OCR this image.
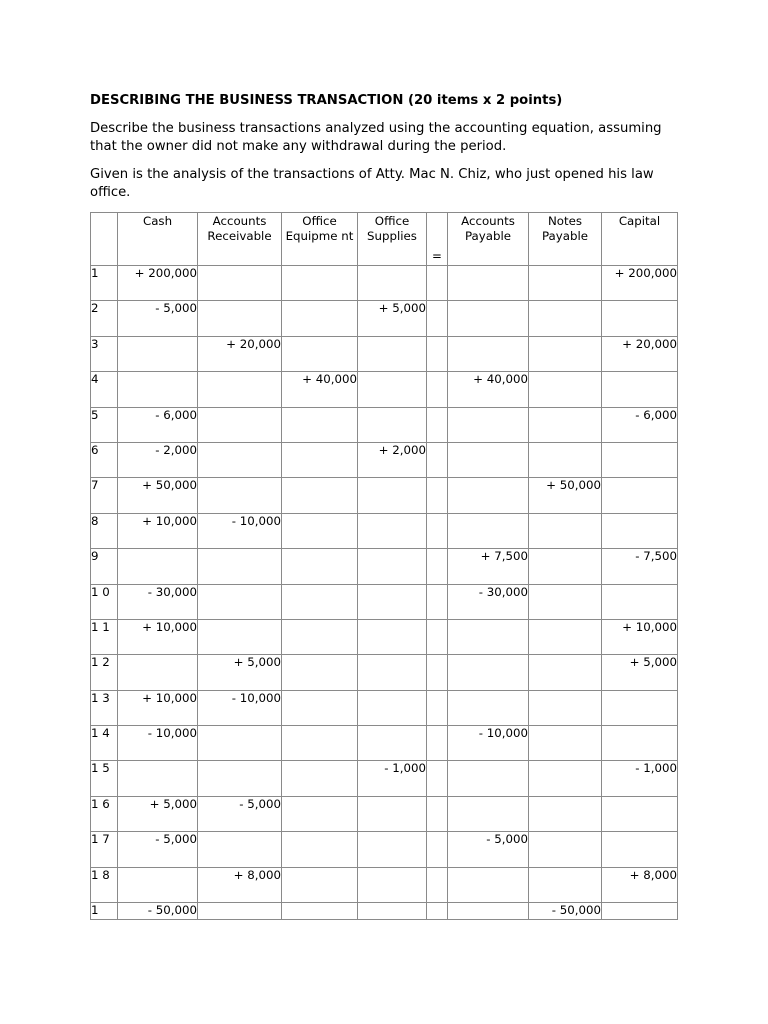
DESCRIBING THE BUSINESS TRANSACTION (20 items x 2 points)

Describe the business transactions analyzed using the accounting equation, assuming that the owner did not make any withdrawal during the period.

Given is the analysis of the transactions of Atty. Mac N. Chiz, who just opened his law office.

	Cash	Accounts Receivable	Office Equipme nt	Office Supplies	=	Accounts Payable	Notes Payable	Capital
1	+ 200,000							+ 200,000
2	- 5,000			+ 5,000				
3		+ 20,000						+ 20,000
4			+ 40,000			+ 40,000		
5	- 6,000							- 6,000
6	- 2,000			+ 2,000				
7	+ 50,000						+ 50,000	
8	+ 10,000	- 10,000						
9						+ 7,500		- 7,500
1 0	- 30,000					- 30,000		
1 1	+ 10,000							+ 10,000
1 2		+ 5,000						+ 5,000
1 3	+ 10,000	- 10,000						
1 4	- 10,000					- 10,000		
1 5				- 1,000				- 1,000
1 6	+ 5,000	- 5,000						
1 7	- 5,000					- 5,000		
1 8		+ 8,000						+ 8,000
1	- 50,000						- 50,000	
